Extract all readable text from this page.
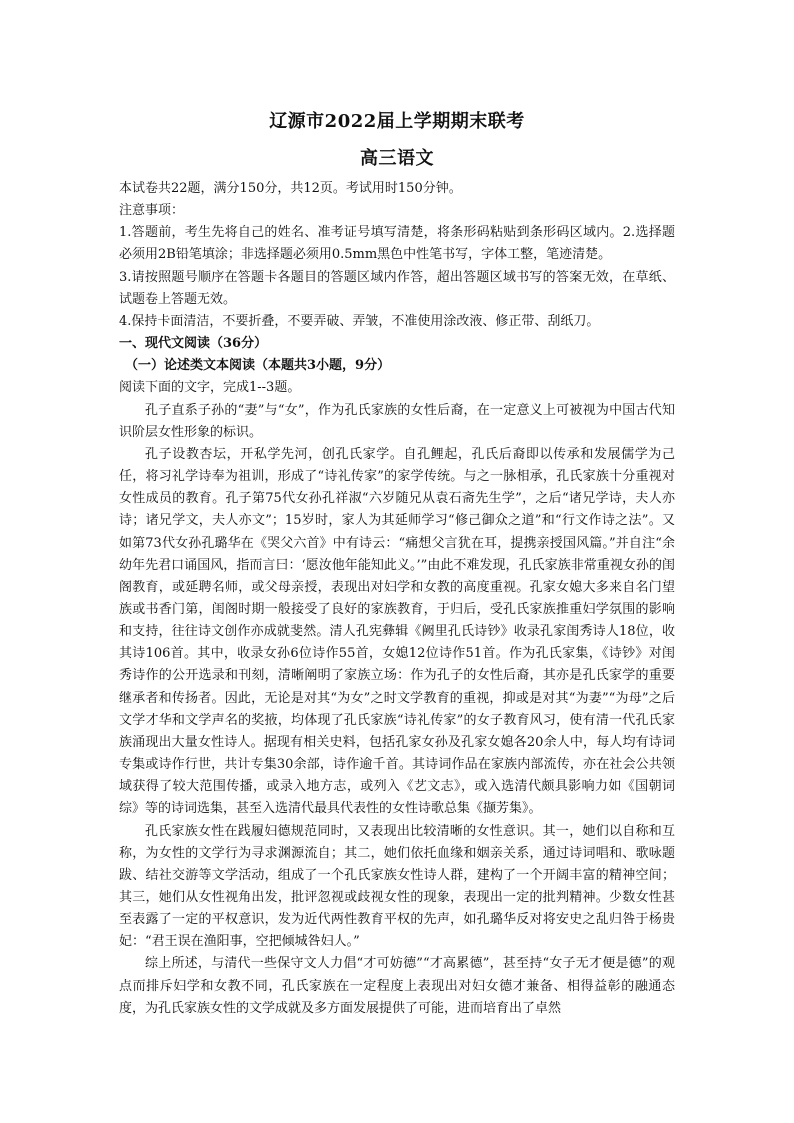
辽源市2022届上学期期末联考
高三语文

本试卷共22题，满分150分，共12页。考试用时150分钟。

注意事项：

1.答题前，考生先将自己的姓名、准考证号填写清楚，将条形码粘贴到条形码区域内。2.选择题必须用2B铅笔填涂；非选择题必须用0.5mm黑色中性笔书写，字体工整，笔迹清楚。

3.请按照题号顺序在答题卡各题目的答题区域内作答，超出答题区域书写的答案无效，在草纸、试题卷上答题无效。

4.保持卡面清洁，不要折叠，不要弄破、弄皱，不准使用涂改液、修正带、刮纸刀。

一、现代文阅读（36分）

（一）论述类文本阅读（本题共3小题，9分）

阅读下面的文字，完成1--3题。

孔子直系子孙的“妻”与“女”，作为孔氏家族的女性后裔，在一定意义上可被视为中国古代知识阶层女性形象的标识。

孔子设教杏坛，开私学先河，创孔氏家学。自孔鲤起，孔氏后裔即以传承和发展儒学为己任，将习礼学诗奉为祖训，形成了“诗礼传家”的家学传统。与之一脉相承，孔氏家族十分重视对女性成员的教育。孔子第75代女孙孔祥淑“六岁随兄从袁石斋先生学”，之后“诸兄学诗，夫人亦诗；诸兄学文，夫人亦文”；15岁时，家人为其延师学习“修己御众之道”和“行文作诗之法”。又如第73代女孙孔璐华在《哭父六首》中有诗云：“痛想父言犹在耳，提携亲授国风篇。”并自注“余幼年先君口诵国风，指而言曰：‘愿汝他年能知此义。’”由此不难发现，孔氏家族非常重视女孙的闺阁教育，或延聘名师，或父母亲授，表现出对妇学和女教的高度重视。孔家女媳大多来自名门望族或书香门第，闺阁时期一般接受了良好的家族教育，于归后，受孔氏家族推重妇学氛围的影响和支持，往往诗文创作亦成就斐然。清人孔宪彝辑《阙里孔氏诗钞》收录孔家闺秀诗人18位，收其诗106首。其中，收录女孙6位诗作55首，女媳12位诗作51首。作为孔氏家集，《诗钞》对闺秀诗作的公开选录和刊刻，清晰阐明了家族立场：作为孔子的女性后裔，其亦是孔氏家学的重要继承者和传扬者。因此，无论是对其“为女”之时文学教育的重视，抑或是对其“为妻”“为母”之后文学才华和文学声名的奖掖，均体现了孔氏家族“诗礼传家”的女子教育风习，使有清一代孔氏家族涌现出大量女性诗人。据现有相关史料，包括孔家女孙及孔家女媳各20余人中，每人均有诗词专集或诗作行世，共计专集30余部，诗作逾千首。其诗词作品在家族内部流传，亦在社会公共领域获得了较大范围传播，或录入地方志，或列入《艺文志》，或入选清代颇具影响力如《国朝词综》等的诗词选集，甚至入选清代最具代表性的女性诗歌总集《撷芳集》。

孔氏家族女性在践履妇德规范同时，又表现出比较清晰的女性意识。其一，她们以自称和互称，为女性的文学行为寻求渊源流自；其二，她们依托血缘和姻亲关系，通过诗词唱和、歌咏题跋、结社交游等文学活动，组成了一个孔氏家族女性诗人群，建构了一个开阔丰富的精神空间；其三，她们从女性视角出发，批评忽视或歧视女性的现象，表现出一定的批判精神。少数女性甚至表露了一定的平权意识，发为近代两性教育平权的先声，如孔璐华反对将安史之乱归咎于杨贵妃：“君王误在渔阳事，空把倾城咎妇人。”

综上所述，与清代一些保守文人力倡“才可妨德”“才高累德”，甚至持“女子无才便是德”的观点而排斥妇学和女教不同，孔氏家族在一定程度上表现出对妇女德才兼备、相得益彰的融通态度，为孔氏家族女性的文学成就及多方面发展提供了可能，进而培育出了卓然
